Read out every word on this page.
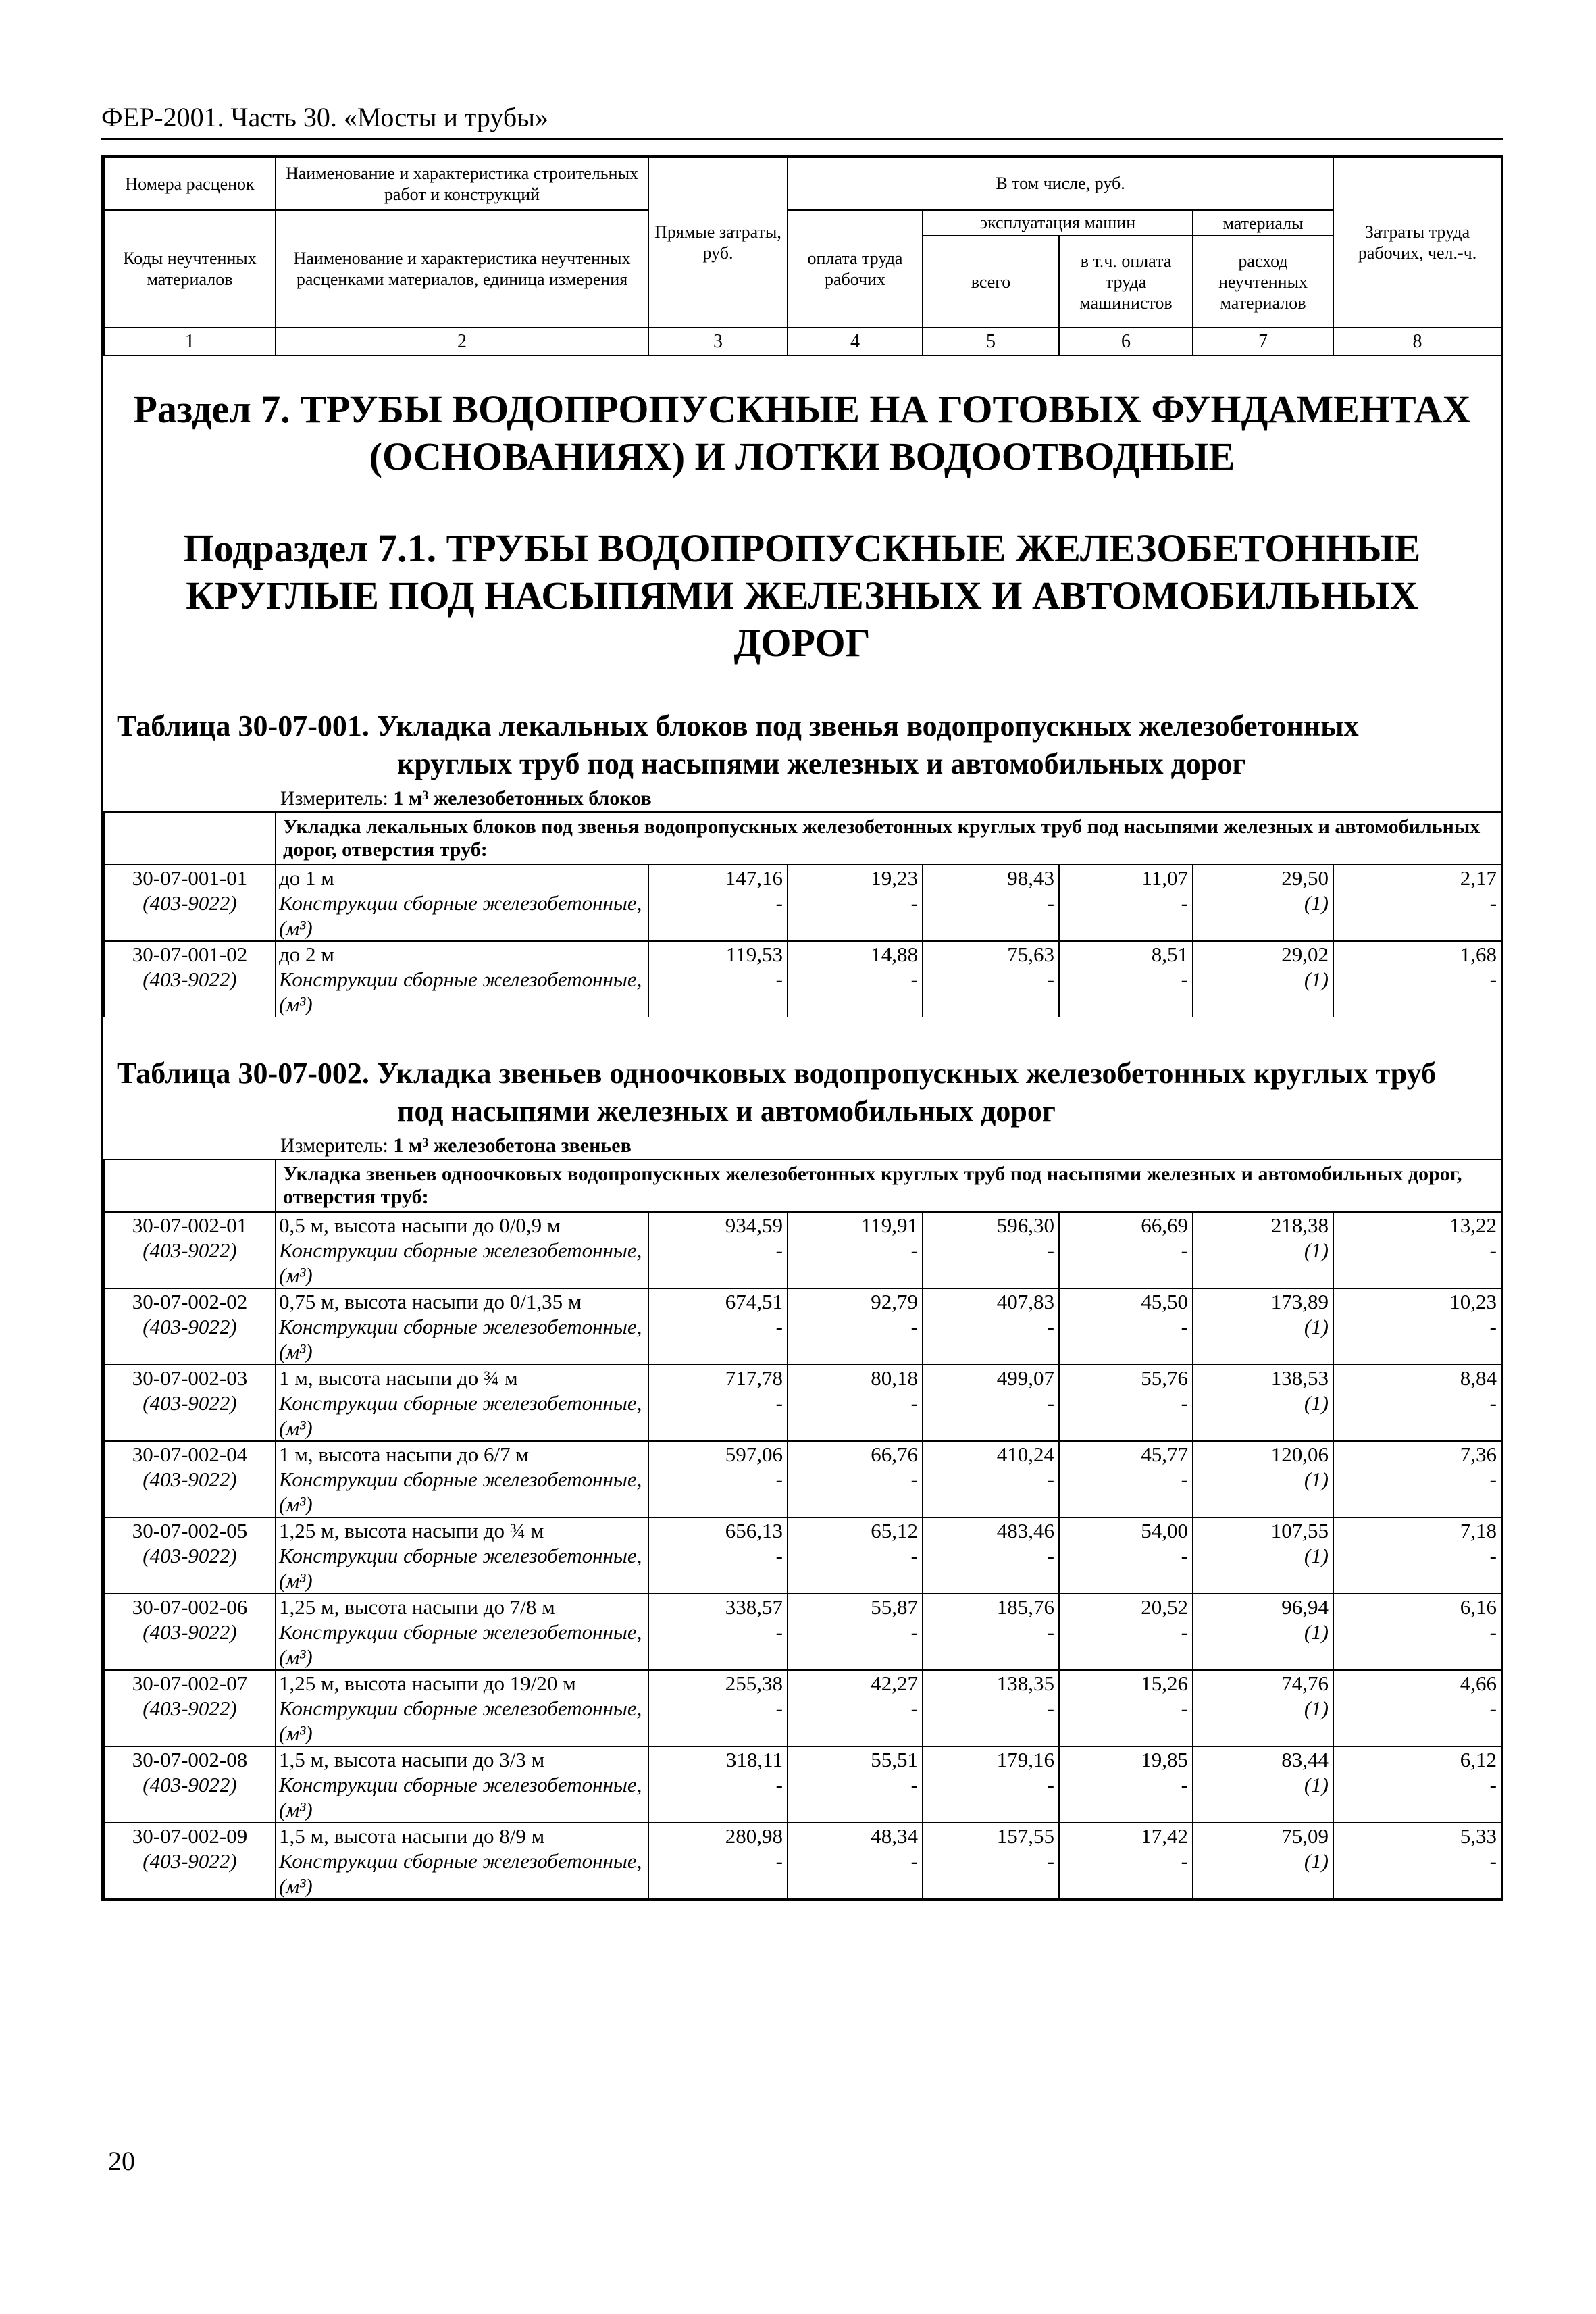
ФЕР-2001. Часть 30. «Мосты и трубы»
Номера расценок	Наименование и характеристика строительных работ и конструкций	Прямые затраты, руб.	В том числе, руб.				Затраты труда рабочих, чел.-ч.
Коды неучтенных материалов	Наименование и характеристика неучтенных расценками материалов, единица измерения		оплата труда рабочих	эксплуатация машин		материалы	
				всего	в т.ч. оплата труда машинистов	расход неучтенных материалов	
1	2	3	4	5	6	7	8
Раздел 7. ТРУБЫ ВОДОПРОПУСКНЫЕ НА ГОТОВЫХ ФУНДАМЕНТАХ (ОСНОВАНИЯХ) И ЛОТКИ ВОДООТВОДНЫЕ
Подраздел 7.1. ТРУБЫ ВОДОПРОПУСКНЫЕ ЖЕЛЕЗОБЕТОННЫЕ КРУГЛЫЕ ПОД НАСЫПЯМИ ЖЕЛЕЗНЫХ И АВТОМОБИЛЬНЫХ ДОРОГ
Таблица 30-07-001. Укладка лекальных блоков под звенья водопропускных железобетонных круглых труб под насыпями железных и автомобильных дорог
Измеритель: 1 м³ железобетонных блоков
	Укладка лекальных блоков под звенья водопропускных железобетонных круглых труб под насыпями железных и автомобильных дорог, отверстия труб:						
30-07-001-01	до 1 м	147,16	19,23	98,43	11,07	29,50	2,17

(403-9022)	Конструкции сборные железобетонные, (м³)	-	-	-	-	(1)	-
30-07-001-02	до 2 м	119,53	14,88	75,63	8,51	29,02	1,68

(403-9022)	Конструкции сборные железобетонные, (м³)	-	-	-	-	(1)	-
Таблица 30-07-002. Укладка звеньев одноочковых водопропускных железобетонных круглых труб под насыпями железных и автомобильных дорог
Измеритель: 1 м³ железобетона звеньев
	Укладка звеньев одноочковых водопропускных железобетонных круглых труб под насыпями железных и автомобильных дорог, отверстия труб:						
30-07-002-01	0,5 м, высота насыпи до 0/0,9 м	934,59	119,91	596,30	66,69	218,38	13,22

(403-9022)	Конструкции сборные железобетонные, (м³)	-	-	-	-	(1)	-
30-07-002-02	0,75 м, высота насыпи до 0/1,35 м	674,51	92,79	407,83	45,50	173,89	10,23

(403-9022)	Конструкции сборные железобетонные, (м³)	-	-	-	-	(1)	-
30-07-002-03	1 м, высота насыпи до ¾ м	717,78	80,18	499,07	55,76	138,53	8,84

(403-9022)	Конструкции сборные железобетонные, (м³)	-	-	-	-	(1)	-
30-07-002-04	1 м, высота насыпи до 6/7 м	597,06	66,76	410,24	45,77	120,06	7,36

(403-9022)	Конструкции сборные железобетонные, (м³)	-	-	-	-	(1)	-
30-07-002-05	1,25 м, высота насыпи до ¾ м	656,13	65,12	483,46	54,00	107,55	7,18

(403-9022)	Конструкции сборные железобетонные, (м³)	-	-	-	-	(1)	-
30-07-002-06	1,25 м, высота насыпи до 7/8 м	338,57	55,87	185,76	20,52	96,94	6,16

(403-9022)	Конструкции сборные железобетонные, (м³)	-	-	-	-	(1)	-
30-07-002-07	1,25 м, высота насыпи до 19/20 м	255,38	42,27	138,35	15,26	74,76	4,66

(403-9022)	Конструкции сборные железобетонные, (м³)	-	-	-	-	(1)	-
30-07-002-08	1,5 м, высота насыпи до 3/3 м	318,11	55,51	179,16	19,85	83,44	6,12

(403-9022)	Конструкции сборные железобетонные, (м³)	-	-	-	-	(1)	-
30-07-002-09	1,5 м, высота насыпи до 8/9 м	280,98	48,34	157,55	17,42	75,09	5,33

(403-9022)	Конструкции сборные железобетонные, (м³)	-	-	-	-	(1)	-
20
